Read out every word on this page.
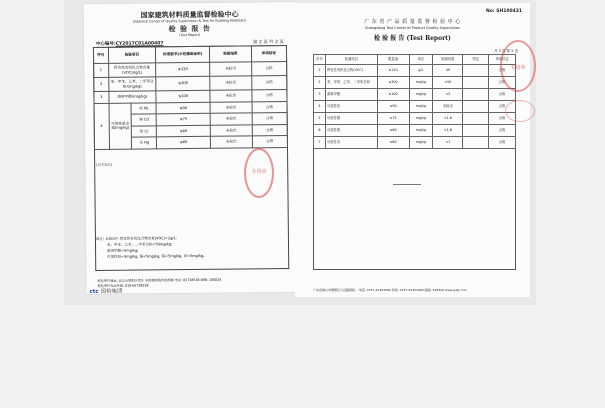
国家建筑材料质量监督检验中心
(National Center of Quality Supervision & Test for Building Materials)
检 验 报 告
(Test Report)
中心编号:CY2017C01A00407	第 2 页 共 2 页
序号	检验项目		标准要求(水性墙面涂料)	检验结果	单项结论
1	挥发性有机化合物含量(VOC)/(g/L)		≤120	未检出	合格
2	苯、甲苯、乙苯、二甲苯总和/(mg/kg)		≤300	未检出	合格
3	游离甲醛/(mg/kg)		≤100	未检出	合格
4	可溶性重金属(mg/kg)	铅 Pb	≤90	未检出	合格
		镉 Cd	≤75	未检出	合格
		铬 Cr	≤60	未检出	合格
		汞 Hg	≤60	未检出	合格
(以下空白)
备注: 未检出*: 挥发性有机化合物含量(VOC)<2g/L;
苯、甲苯、乙苯、二甲苯总和<50mg/kg;
游离甲醛<5mg/kg;
可溶性铅<5mg/kg, 镉<5mg/kg, 铬<5mg/kg, 汞<5mg/kg。
检验单位地址: 北京市朝阳区管庄 中国建材院内检测楼 电话: 65728538 邮编: 100024
检验单位电话传真: 010-65728538
ctc 国检集团
专用章
No: SH100431
广 东 省 产 品 质 量 监 督 检 验 中 心
Guangdong Test Center of Product Quality Supervision
检 验 报 告 (Test Report)
共 3 页 第 2 页
序号	检测项目	限量值	单位	检测结果	判定	单项评定
1	挥发性有机化合物(VOC)	≤120	g/L	49		合格
2	苯、甲苯、乙苯、二甲苯总和	≤300	mg/kg	<50		合格
3	游离甲醛	≤100	mg/kg	<5		合格
4	可溶性铅	≤90	mg/kg	未检出		合格
5	可溶性镉	≤75	mg/kg	<1.6		合格
6	可溶性铬	≤60	mg/kg	<1.6		合格
7	可溶性汞	≤60	mg/kg	<1		合格
广东省佛山市顺德区大良镇国际... 电话: 0757-22303069 传真: 0757-22303069 邮编: 528300 www.gdzj.com
专用章
